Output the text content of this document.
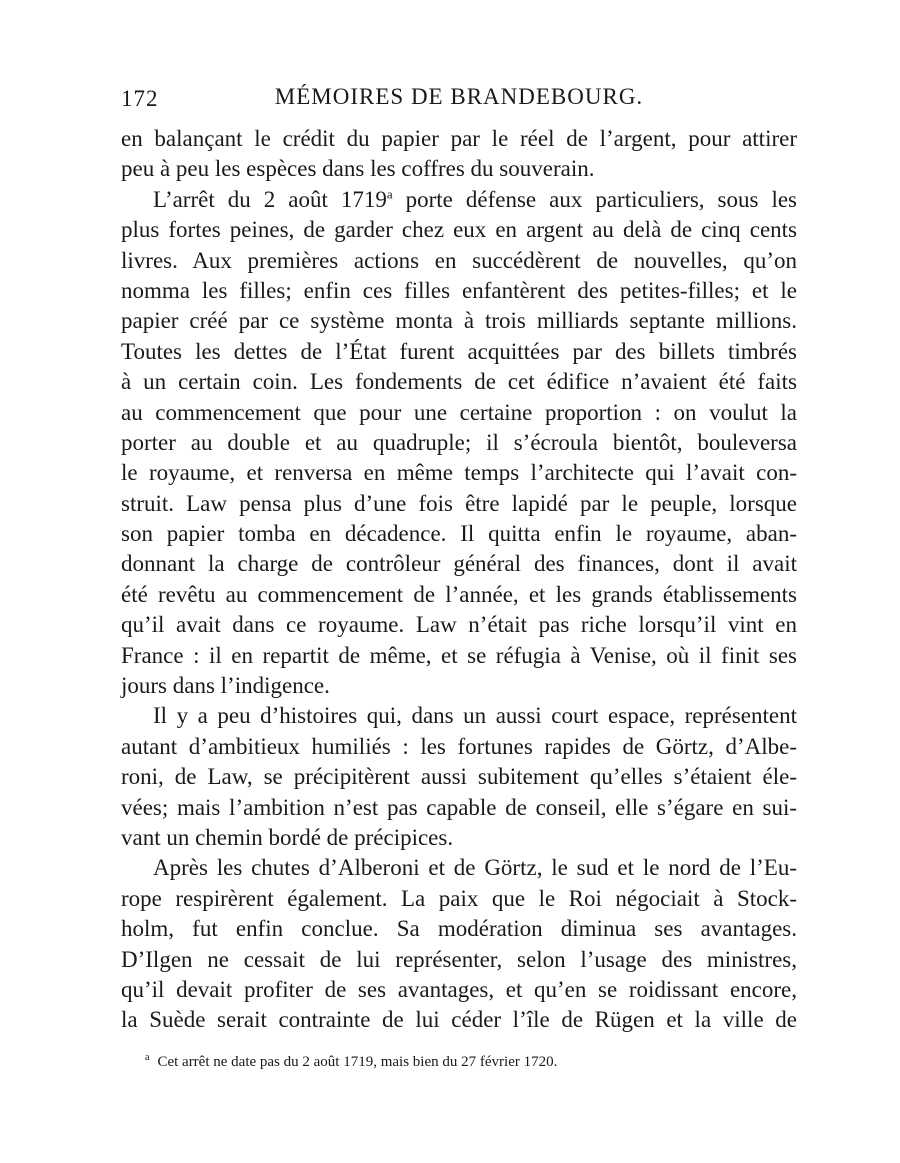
172	MÉMOIRES DE BRANDEBOURG.
en balançant le crédit du papier par le réel de l’argent, pour attirer
peu à peu les espèces dans les coffres du souverain.
L’arrêt du 2 août 1719$^a$ porte défense aux particuliers, sous les
plus fortes peines, de garder chez eux en argent au delà de cinq cents
livres. Aux premières actions en succédèrent de nouvelles, qu’on
nomma les filles; enfin ces filles enfantèrent des petites-filles; et le
papier créé par ce système monta à trois milliards septante millions.
Toutes les dettes de l’État furent acquittées par des billets timbrés
à un certain coin. Les fondements de cet édifice n’avaient été faits
au commencement que pour une certaine proportion : on voulut la
porter au double et au quadruple; il s’écroula bientôt, bouleversa
le royaume, et renversa en même temps l’architecte qui l’avait con-
struit. Law pensa plus d’une fois être lapidé par le peuple, lorsque
son papier tomba en décadence. Il quitta enfin le royaume, aban-
donnant la charge de contrôleur général des finances, dont il avait
été revêtu au commencement de l’année, et les grands établissements
qu’il avait dans ce royaume. Law n’était pas riche lorsqu’il vint en
France : il en repartit de même, et se réfugia à Venise, où il finit ses
jours dans l’indigence.
Il y a peu d’histoires qui, dans un aussi court espace, représentent
autant d’ambitieux humiliés : les fortunes rapides de Görtz, d’Albe-
roni, de Law, se précipitèrent aussi subitement qu’elles s’étaient éle-
vées; mais l’ambition n’est pas capable de conseil, elle s’égare en sui-
vant un chemin bordé de précipices.
Après les chutes d’Alberoni et de Görtz, le sud et le nord de l’Eu-
rope respirèrent également. La paix que le Roi négociait à Stock-
holm, fut enfin conclue. Sa modération diminua ses avantages.
D’Ilgen ne cessait de lui représenter, selon l’usage des ministres,
qu’il devait profiter de ses avantages, et qu’en se roidissant encore,
la Suède serait contrainte de lui céder l’île de Rügen et la ville de
$^a$ Cet arrêt ne date pas du 2 août 1719, mais bien du 27 février 1720.
